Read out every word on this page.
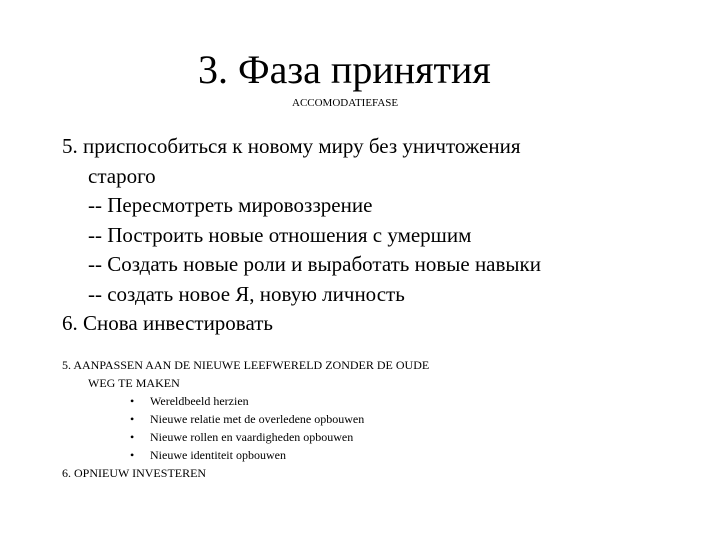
3. Фаза принятия
ACCOMODATIEFASE
5. приспособиться к новому миру без уничтожения
старого
-- Пересмотреть мировоззрение
-- Построить новые отношения с умершим
-- Создать новые роли и выработать новые навыки
-- создать новое Я, новую личность
6. Снова инвестировать
5. AANPASSEN AAN DE NIEUWE LEEFWERELD ZONDER DE OUDE
WEG TE MAKEN
• Wereldbeeld herzien
• Nieuwe relatie met de overledene opbouwen
• Nieuwe rollen en vaardigheden opbouwen
• Nieuwe identiteit opbouwen
6. OPNIEUW INVESTEREN
